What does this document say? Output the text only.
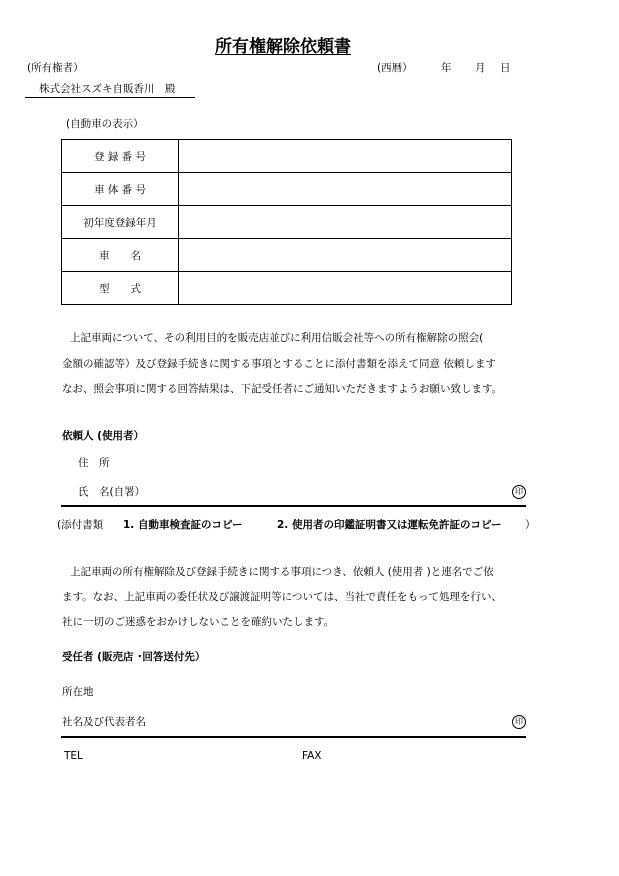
所有権解除依頼書
(所有権者）	(西暦）	年 月 日
株式会社スズキ自販香川　殿
(自動車の表示）
登 録 番 号	
車 体 番 号	
初年度登録年月	
車　　名	
型　　式	
上記車両について、その利用目的を販売店並びに利用信販会社等への所有権解除の照会(
金額の確認等）及び登録手続きに関する事項とすることに添付書類を添えて同意 依頼します
なお、照会事項に関する回答結果は、下記受任者にご通知いただきますようお願い致します。
依頼人 (使用者）
住　所
氏　名(自署）	印
(添付書類 1. 自動車検査証のコピー	2. 使用者の印鑑証明書又は運転免許証のコピー ）
上記車両の所有権解除及び登録手続きに関する事項につき、依頼人 (使用者 )と連名でご依
ます。なお、上記車両の委任状及び譲渡証明等については、当社で責任をもって処理を行い、
社に一切のご迷惑をおかけしないことを確約いたします。
受任者 (販売店 ･回答送付先）
所在地
社名及び代表者名	印
TEL	FAX
